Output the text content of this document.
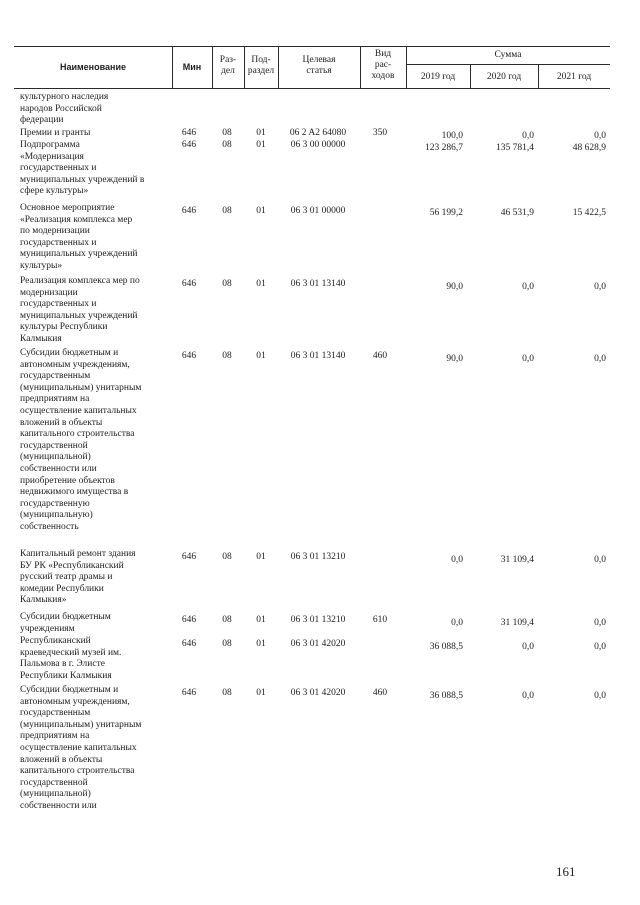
Наименование	Мин
Раз-
дел
Под-
раздел
Целевая
статья
Вид
рас-
ходов
Сумма
2019 год	2020 год	2021 год
культурного наследия
народов Российской
федерации
Премии и гранты	646	08	01	06 2 A2 64080	350	100,0	0,0	0,0
Подпрограмма
«Модернизация
государственных и
муниципальных учреждений в
сфере культуры»
646	08	01	06 3 00 00000	123 286,7	135 781,4	48 628,9
Основное мероприятие
«Реализация комплекса мер
по модернизации
государственных и
муниципальных учреждений
культуры»
646	08	01	06 3 01 00000	56 199,2	46 531,9	15 422,5
Реализация комплекса мер по
модернизации
государственных и
муниципальных учреждений
культуры Республики
Калмыкия
646	08	01	06 3 01 13140	90,0	0,0	0,0
Субсидии бюджетным и
автономным учреждениям,
государственным
(муниципальным) унитарным
предприятиям на
осуществление капитальных
вложений в объекты
капитального строительства
государственной
(муниципальной)
собственности или
приобретение объектов
недвижимого имущества в
государственную
(муниципальную)
собственность
646	08	01	06 3 01 13140	460	90,0	0,0	0,0
Капитальный ремонт здания
БУ РК «Республиканский
русский театр драмы и
комедии Республики
Калмыкия»
646	08	01	06 3 01 13210	0,0	31 109,4	0,0
Субсидии бюджетным
учреждениям
646	08	01	06 3 01 13210	610	0,0	31 109,4	0,0
Республиканский
краеведческий музей им.
Пальмова в г. Элисте
Республики Калмыкия
646	08	01	06 3 01 42020	36 088,5	0,0	0,0
Субсидии бюджетным и
автономным учреждениям,
государственным
(муниципальным) унитарным
предприятиям на
осуществление капитальных
вложений в объекты
капитального строительства
государственной
(муниципальной)
собственности или
646	08	01	06 3 01 42020	460	36 088,5	0,0	0,0
161
